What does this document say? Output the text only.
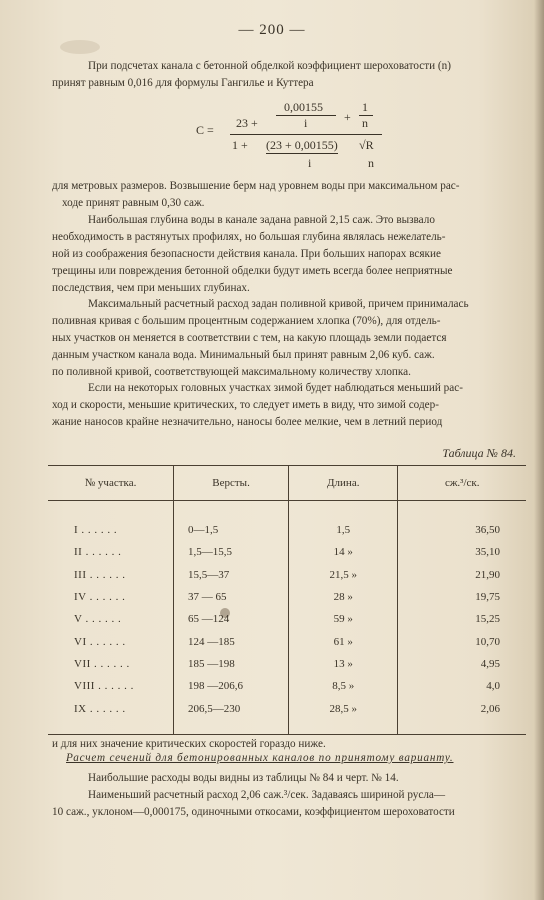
— 200 —
При подсчетах канала с бетонной обделкой коэффициент шероховатости (n)
принят равным 0,016 для формулы Гангилье и Куттера
C =
0,00155
i
23 +	+
1
n
1 + (23 + 0,00155) √R
i	n
для метровых размеров. Возвышение берм над уровнем воды при максимальном рас-
ходе принят равным 0,30 саж.
Наибольшая глубина воды в канале задана равной 2,15 саж. Это вызвало
необходимость в растянутых профилях, но большая глубина являлась нежелатель-
ной из соображения безопасности действия канала. При больших напорах всякие
трещины или повреждения бетонной обделки будут иметь всегда более неприятные
последствия, чем при меньших глубинах.
Максимальный расчетный расход задан поливной кривой, причем принималась
поливная кривая с большим процентным содержанием хлопка (70%), для отдель-
ных участков он меняется в соответствии с тем, на какую площадь земли подается
данным участком канала вода. Минимальный был принят равным 2,06 куб. саж.
по поливной кривой, соответствующей максимальному количеству хлопка.
Если на некоторых головных участках зимой будет наблюдаться меньший рас-
ход и скорости, меньшие критических, то следует иметь в виду, что зимой содер-
жание наносов крайне незначительно, наносы более мелкие, чем в летний период
Таблица № 84.
№ участка.	Версты.	Длина.	сж.³/ск.
I . . . . . .	0—1,5	1,5	36,50
II . . . . . .	1,5—15,5	14 »	35,10
III . . . . . .	15,5—37	21,5 »	21,90
IV . . . . . .	37 — 65	28 »	19,75
V . . . . . .	65 —124	59 »	15,25
VI . . . . . .	124 —185	61 »	10,70
VII . . . . . .	185 —198	13 »	4,95
VIII . . . . . .	198 —206,6	8,5 »	4,0
IX . . . . . .	206,5—230	28,5 »	2,06
и для них значение критических скоростей гораздо ниже.
Расчет сечений для бетонированных каналов по принятому варианту.
Наибольшие расходы воды видны из таблицы № 84 и черт. № 14.
Наименьший расчетный расход 2,06 саж.³/сек. Задаваясь шириной русла—
10 саж., уклоном—0,000175, одиночными откосами, коэффициентом шероховатости
